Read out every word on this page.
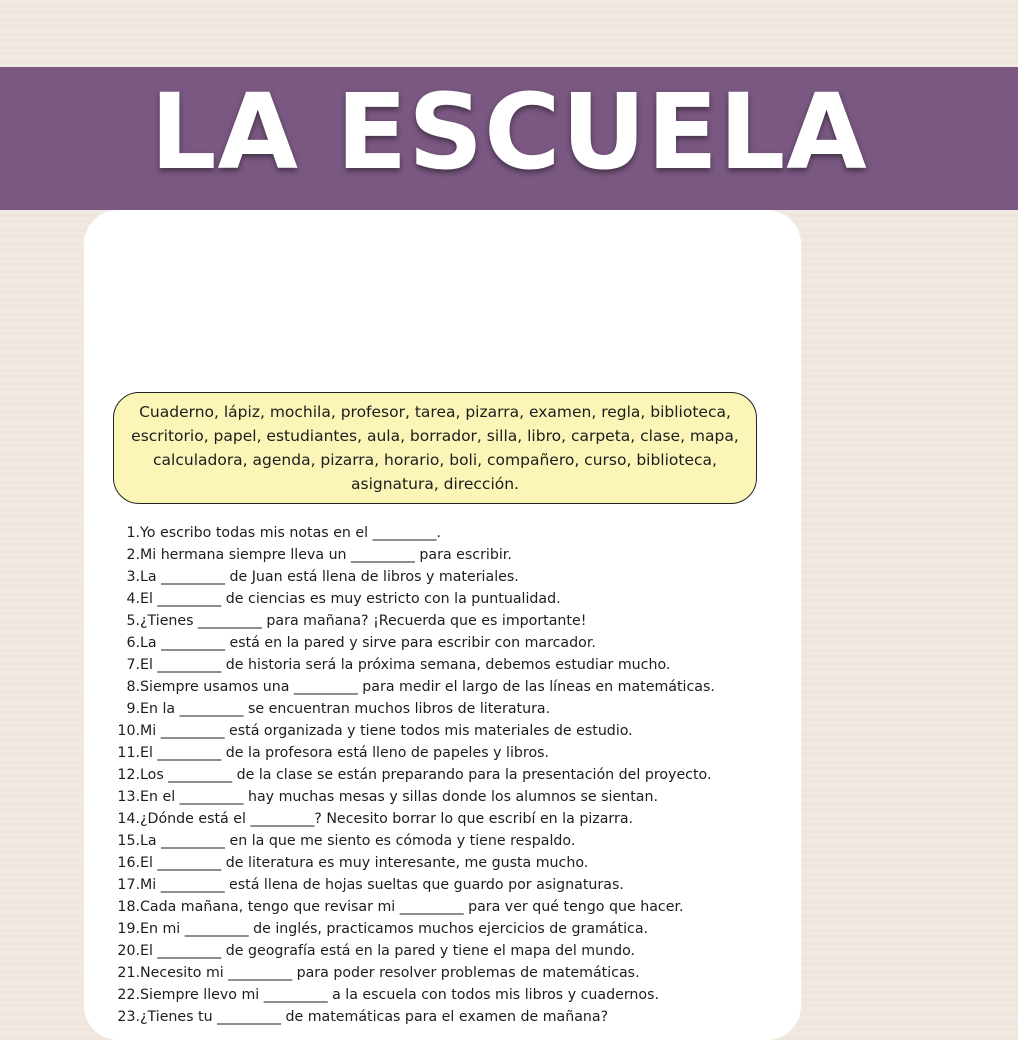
LA ESCUELA
Cuaderno, lápiz, mochila, profesor, tarea, pizarra, examen, regla, biblioteca, escritorio, papel, estudiantes, aula, borrador, silla, libro, carpeta, clase, mapa, calculadora, agenda, pizarra, horario, boli, compañero, curso, biblioteca, asignatura, dirección.
1. Yo escribo todas mis notas en el _________.
2. Mi hermana siempre lleva un _________ para escribir.
3. La _________ de Juan está llena de libros y materiales.
4. El _________ de ciencias es muy estricto con la puntualidad.
5. ¿Tienes _________ para mañana? ¡Recuerda que es importante!
6. La _________ está en la pared y sirve para escribir con marcador.
7. El _________ de historia será la próxima semana, debemos estudiar mucho.
8. Siempre usamos una _________ para medir el largo de las líneas en matemáticas.
9. En la _________ se encuentran muchos libros de literatura.
10. Mi _________ está organizada y tiene todos mis materiales de estudio.
11. El _________ de la profesora está lleno de papeles y libros.
12. Los _________ de la clase se están preparando para la presentación del proyecto.
13. En el _________ hay muchas mesas y sillas donde los alumnos se sientan.
14. ¿Dónde está el _________? Necesito borrar lo que escribí en la pizarra.
15. La _________ en la que me siento es cómoda y tiene respaldo.
16. El _________ de literatura es muy interesante, me gusta mucho.
17. Mi _________ está llena de hojas sueltas que guardo por asignaturas.
18. Cada mañana, tengo que revisar mi _________ para ver qué tengo que hacer.
19. En mi _________ de inglés, practicamos muchos ejercicios de gramática.
20. El _________ de geografía está en la pared y tiene el mapa del mundo.
21. Necesito mi _________ para poder resolver problemas de matemáticas.
22. Siempre llevo mi _________ a la escuela con todos mis libros y cuadernos.
23. ¿Tienes tu _________ de matemáticas para el examen de mañana?
